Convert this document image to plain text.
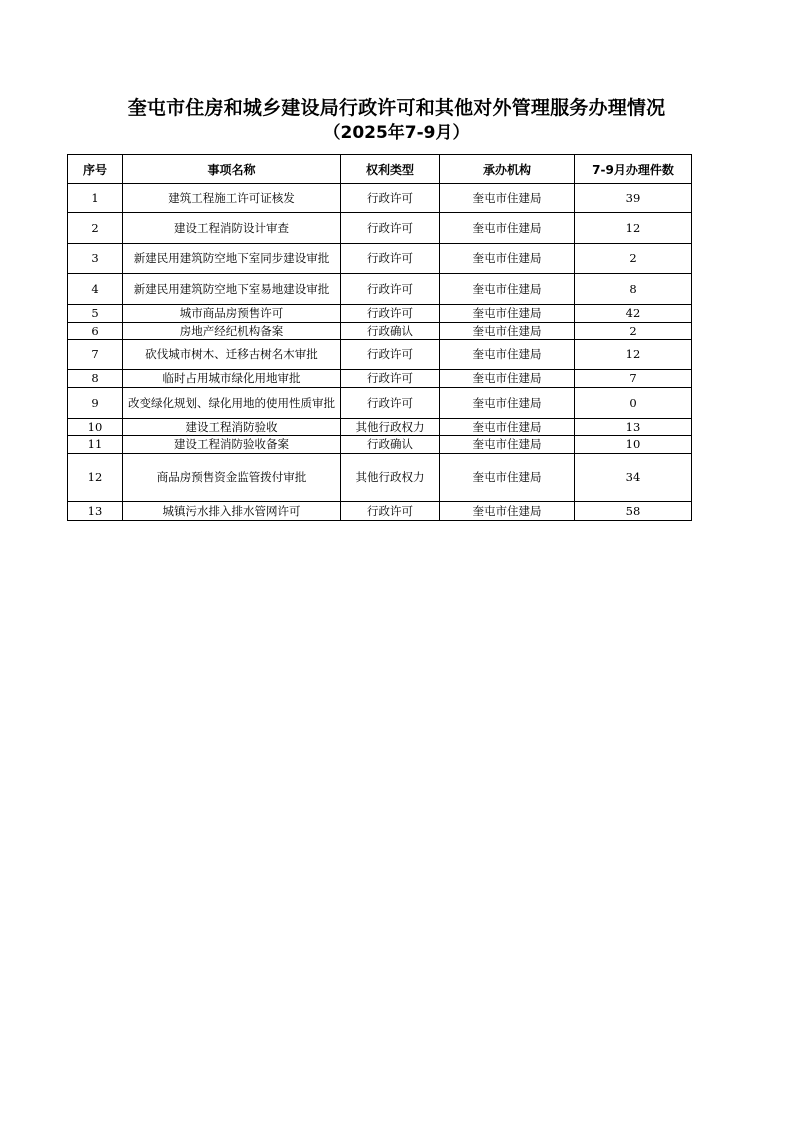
奎屯市住房和城乡建设局行政许可和其他对外管理服务办理情况
（2025年7-9月）
序号	事项名称	权利类型	承办机构	7-9月办理件数
1	建筑工程施工许可证核发	行政许可	奎屯市住建局	39
2	建设工程消防设计审查	行政许可	奎屯市住建局	12
3	新建民用建筑防空地下室同步建设审批	行政许可	奎屯市住建局	2
4	新建民用建筑防空地下室易地建设审批	行政许可	奎屯市住建局	8
5	城市商品房预售许可	行政许可	奎屯市住建局	42
6	房地产经纪机构备案	行政确认	奎屯市住建局	2
7	砍伐城市树木、迁移古树名木审批	行政许可	奎屯市住建局	12
8	临时占用城市绿化用地审批	行政许可	奎屯市住建局	7
9	改变绿化规划、绿化用地的使用性质审批	行政许可	奎屯市住建局	0
10	建设工程消防验收	其他行政权力	奎屯市住建局	13
11	建设工程消防验收备案	行政确认	奎屯市住建局	10
12	商品房预售资金监管拨付审批	其他行政权力	奎屯市住建局	34
13	城镇污水排入排水管网许可	行政许可	奎屯市住建局	58
